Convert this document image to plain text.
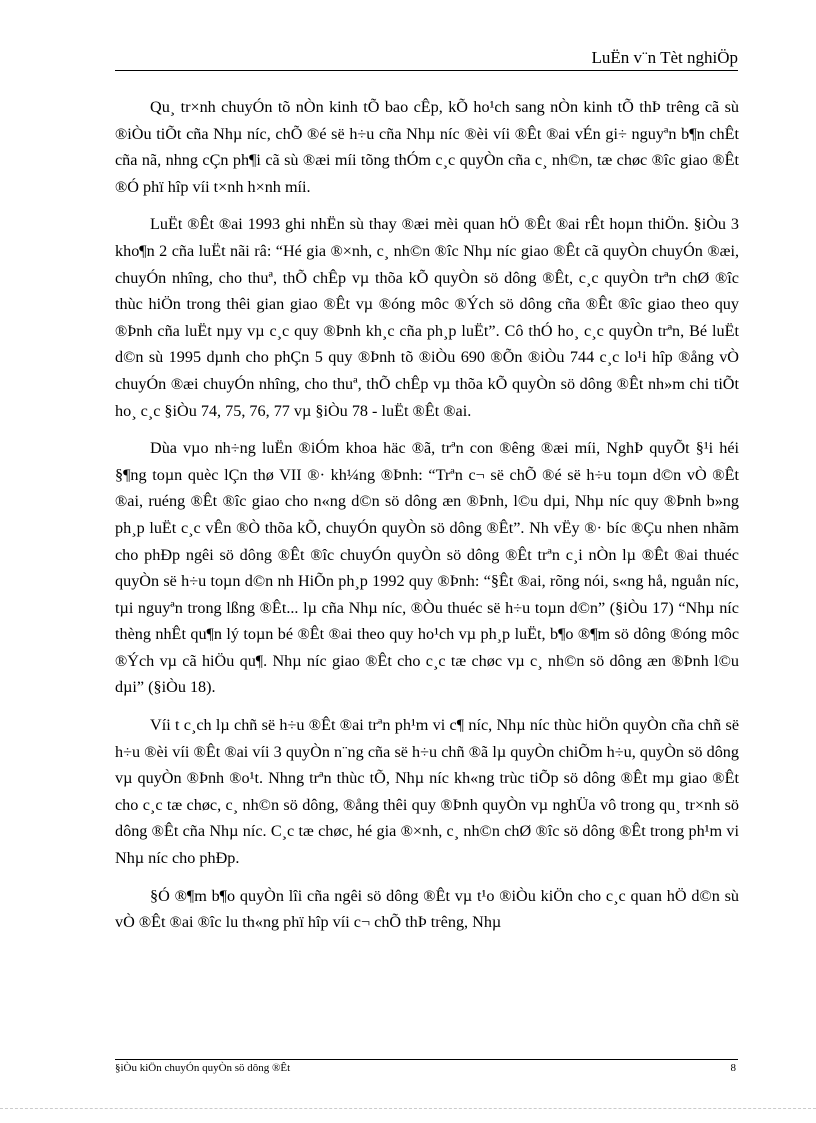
LuËn v¨n Tèt nghiÖp

Qu¸ tr×nh chuyÓn tõ nÒn kinh tÕ bao cÊp, kÕ ho¹ch sang nÒn kinh tÕ thÞ trêng cã sù ®iÒu tiÕt cña Nhµ níc, chÕ ®é së h÷u cña Nhµ níc ®èi víi ®Êt ®ai vÉn gi÷ nguyªn b¶n chÊt cña nã, nhng cÇn ph¶i cã sù ®æi míi tõng thÓm c¸c quyÒn cña c¸ nh©n, tæ chøc ®îc giao ®Êt ®Ó phï hîp víi t×nh h×nh míi.

LuËt ®Êt ®ai 1993 ghi nhËn sù thay ®æi mèi quan hÖ ®Êt ®ai rÊt hoµn thiÖn. §iÒu 3 kho¶n 2 cña luËt nãi râ: “Hé gia ®×nh, c¸ nh©n ®îc Nhµ níc giao ®Êt cã quyÒn chuyÓn ®æi, chuyÓn nhîng, cho thuª, thÕ chÊp vµ thõa kÕ quyÒn sö dông ®Êt, c¸c quyÒn trªn chØ ®îc thùc hiÖn trong thêi gian giao ®Êt vµ ®óng môc ®Ých sö dông cña ®Êt ®îc giao theo quy ®Þnh cña luËt nµy vµ c¸c quy ®Þnh kh¸c cña ph¸p luËt”. Cô thÓ ho¸ c¸c quyÒn trªn, Bé luËt d©n sù 1995 dµnh cho phÇn 5 quy ®Þnh tõ ®iÒu 690 ®Õn ®iÒu 744 c¸c lo¹i hîp ®ång vÒ chuyÓn ®æi chuyÓn nhîng, cho thuª, thÕ chÊp vµ thõa kÕ quyÒn sö dông ®Êt nh»m chi tiÕt ho¸ c¸c §iÒu 74, 75, 76, 77 vµ §iÒu 78 - luËt ®Êt ®ai.

Dùa vµo nh÷ng luËn ®iÓm khoa häc ®ã, trªn con ®êng ®æi míi, NghÞ quyÕt §¹i héi §¶ng toµn quèc lÇn thø VII ®· kh¼ng ®Þnh: “Trªn c¬ së chÕ ®é së h÷u toµn d©n vÒ ®Êt ®ai, ruéng ®Êt ®îc giao cho n«ng d©n sö dông æn ®Þnh, l©u dµi, Nhµ níc quy ®Þnh b»ng ph¸p luËt c¸c vÊn ®Ò thõa kÕ, chuyÓn quyÒn sö dông ®Êt”. Nh vËy ®· bíc ®Çu nhen nhãm cho phÐp ngêi sö dông ®Êt ®îc chuyÓn quyÒn sö dông ®Êt trªn c¸i nÒn lµ ®Êt ®ai thuéc quyÒn së h÷u toµn d©n nh HiÕn ph¸p 1992 quy ®Þnh: “§Êt ®ai, rõng nói, s«ng hå, nguån níc, tµi nguyªn trong lßng ®Êt... lµ cña Nhµ níc, ®Òu thuéc së h÷u toµn d©n” (§iÒu 17) “Nhµ níc thèng nhÊt qu¶n lý toµn bé ®Êt ®ai theo quy ho¹ch vµ ph¸p luËt, b¶o ®¶m sö dông ®óng môc ®Ých vµ cã hiÖu qu¶. Nhµ níc giao ®Êt cho c¸c tæ chøc vµ c¸ nh©n sö dông æn ®Þnh l©u dµi” (§iÒu 18).

Víi t c¸ch lµ chñ së h÷u ®Êt ®ai trªn ph¹m vi c¶ níc, Nhµ níc thùc hiÖn quyÒn cña chñ së h÷u ®èi víi ®Êt ®ai víi 3 quyÒn n¨ng cña së h÷u chñ ®ã lµ quyÒn chiÕm h÷u, quyÒn sö dông vµ quyÒn ®Þnh ®o¹t. Nhng trªn thùc tÕ, Nhµ níc kh«ng trùc tiÕp sö dông ®Êt mµ giao ®Êt cho c¸c tæ chøc, c¸ nh©n sö dông, ®ång thêi quy ®Þnh quyÒn vµ nghÜa vô trong qu¸ tr×nh sö dông ®Êt cña Nhµ níc. C¸c tæ chøc, hé gia ®×nh, c¸ nh©n chØ ®îc sö dông ®Êt trong ph¹m vi Nhµ níc cho phÐp.

§Ó ®¶m b¶o quyÒn lîi cña ngêi sö dông ®Êt vµ t¹o ®iÒu kiÖn cho c¸c quan hÖ d©n sù vÒ ®Êt ®ai ®îc lu th«ng phï hîp víi c¬ chÕ thÞ trêng, Nhµ

§iÒu kiÖn chuyÓn quyÒn sö dông ®Êt	8
